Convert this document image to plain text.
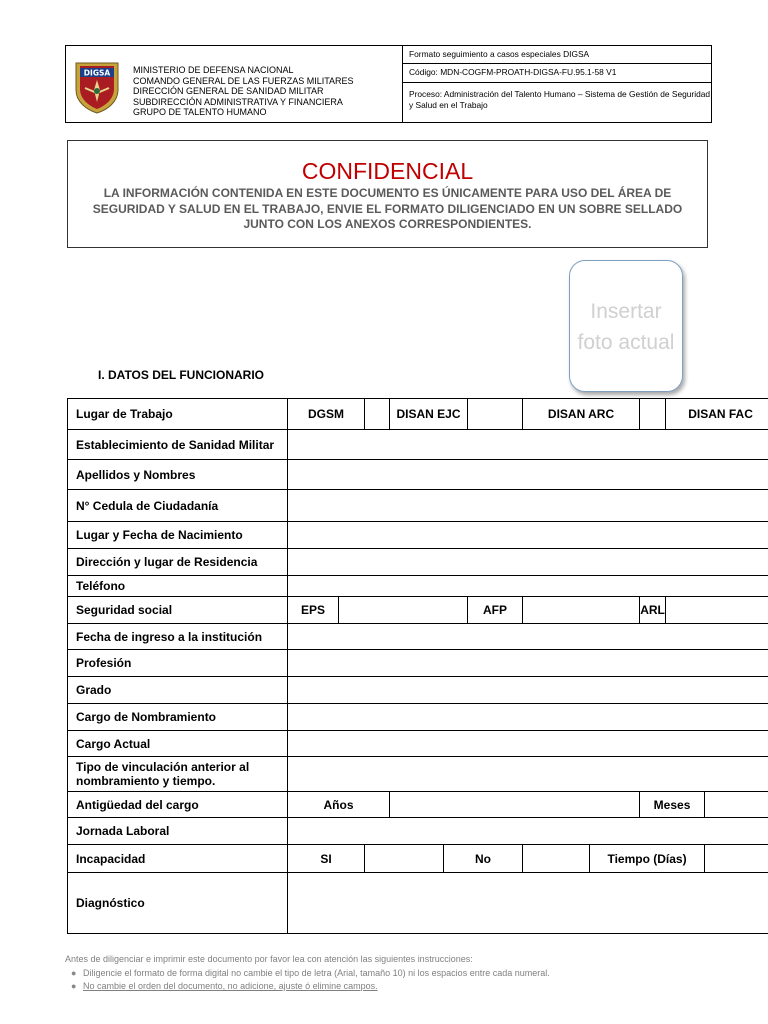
DIGSA	MINISTERIO DE DEFENSA NACIONAL
COMANDO GENERAL DE LAS FUERZAS MILITARES
DIRECCIÓN GENERAL DE SANIDAD MILITAR
SUBDIRECCIÓN ADMINISTRATIVA Y FINANCIERA
GRUPO DE TALENTO HUMANO
Formato seguimiento a casos especiales DIGSA
Código: MDN-COGFM-PROATH-DIGSA-FU.95.1-58 V1
Proceso: Administración del Talento Humano – Sistema de Gestión de Seguridad y Salud en el Trabajo
CONFIDENCIAL
LA INFORMACIÓN CONTENIDA EN ESTE DOCUMENTO ES ÚNICAMENTE PARA USO DEL ÁREA DE SEGURIDAD Y SALUD EN EL TRABAJO, ENVIE EL FORMATO DILIGENCIADO EN UN SOBRE SELLADO JUNTO CON LOS ANEXOS CORRESPONDIENTES.
Insertar foto actual
I. DATOS DEL FUNCIONARIO
Lugar de Trabajo	DGSM			DISAN EJC			DISAN ARC			DISAN FAC		
Establecimiento de Sanidad Militar												
Apellidos y Nombres												
N° Cedula de Ciudadanía												
Lugar y Fecha de Nacimiento												
Dirección y lugar de Residencia												
Teléfono												
Seguridad social	EPS					AFP			ARL			
Fecha de ingreso a la institución												
Profesión												
Grado												
Cargo de Nombramiento												
Cargo Actual												
Tipo de vinculación anterior al nombramiento y tiempo.												
Antigüedad del cargo	Años								Meses			
Jornada Laboral												
Incapacidad	SI				No			Tiempo (Días)				
Diagnóstico												
Antes de diligenciar e imprimir este documento por favor lea con atención las siguientes instrucciones:
● Diligencie el formato de forma digital no cambie el tipo de letra (Arial, tamaño 10) ni los espacios entre cada numeral.
● No cambie el orden del documento, no adicione, ajuste ó elimine campos.
